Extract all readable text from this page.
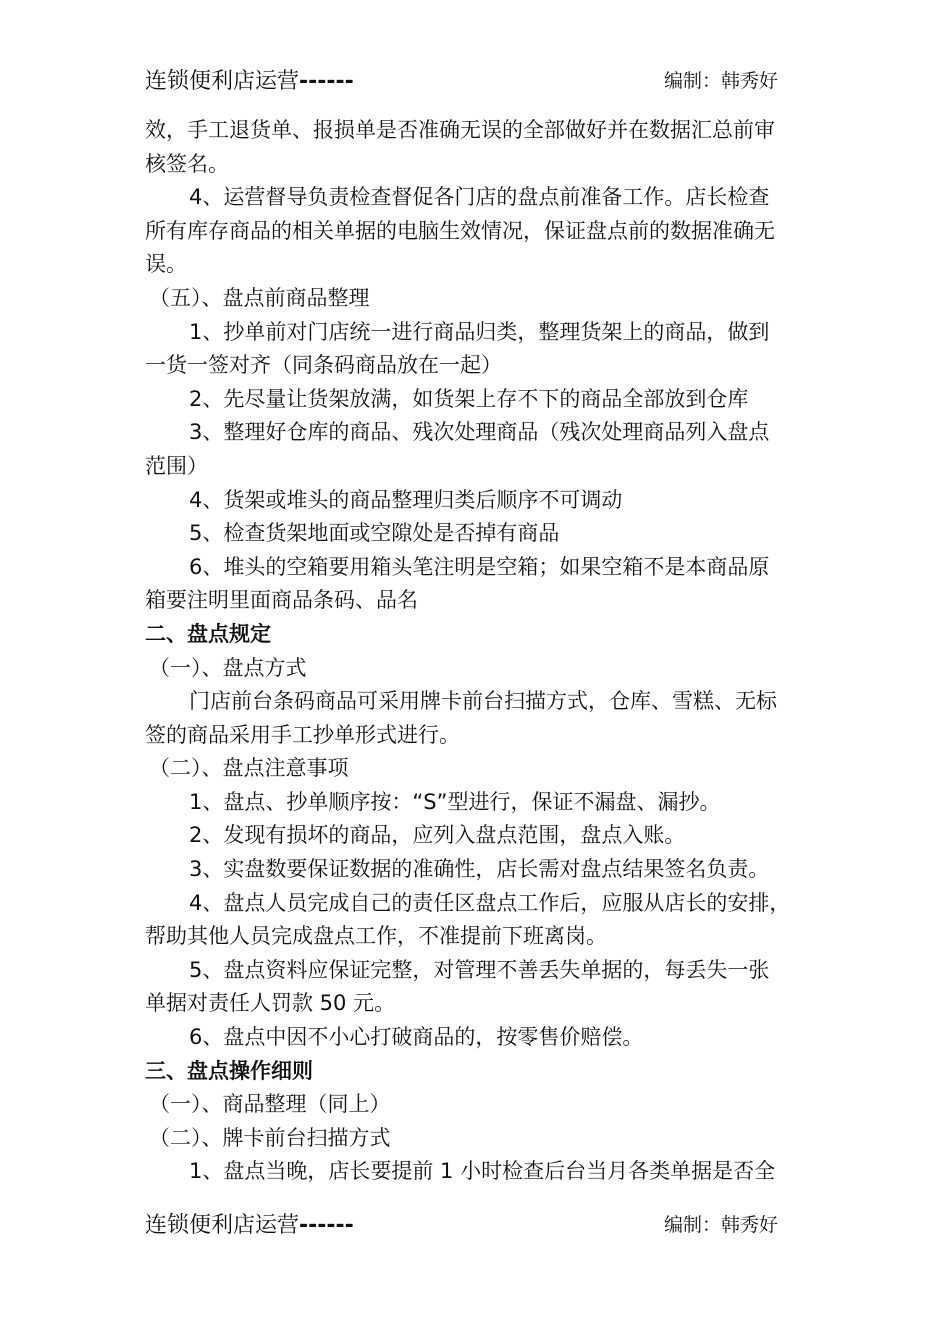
连锁便利店运营------	编制：韩秀好
效，手工退货单、报损单是否准确无误的全部做好并在数据汇总前审
核签名。
4、运营督导负责检查督促各门店的盘点前准备工作。店长检查
所有库存商品的相关单据的电脑生效情况，保证盘点前的数据准确无
误。
（五）、盘点前商品整理
1、抄单前对门店统一进行商品归类，整理货架上的商品，做到
一货一签对齐（同条码商品放在一起）
2、先尽量让货架放满，如货架上存不下的商品全部放到仓库
3、整理好仓库的商品、残次处理商品（残次处理商品列入盘点
范围）
4、货架或堆头的商品整理归类后顺序不可调动
5、检查货架地面或空隙处是否掉有商品
6、堆头的空箱要用箱头笔注明是空箱；如果空箱不是本商品原
箱要注明里面商品条码、品名
二、盘点规定
（一）、盘点方式
门店前台条码商品可采用牌卡前台扫描方式，仓库、雪糕、无标
签的商品采用手工抄单形式进行。
（二）、盘点注意事项
1、盘点、抄单顺序按：“S”型进行，保证不漏盘、漏抄。
2、发现有损坏的商品，应列入盘点范围，盘点入账。
3、实盘数要保证数据的准确性，店长需对盘点结果签名负责。
4、盘点人员完成自己的责任区盘点工作后，应服从店长的安排，
帮助其他人员完成盘点工作，不准提前下班离岗。
5、盘点资料应保证完整，对管理不善丢失单据的，每丢失一张
单据对责任人罚款 50 元。
6、盘点中因不小心打破商品的，按零售价赔偿。
三、盘点操作细则
（一）、商品整理（同上）
（二）、牌卡前台扫描方式
1、盘点当晚，店长要提前 1 小时检查后台当月各类单据是否全
连锁便利店运营------	编制：韩秀好
